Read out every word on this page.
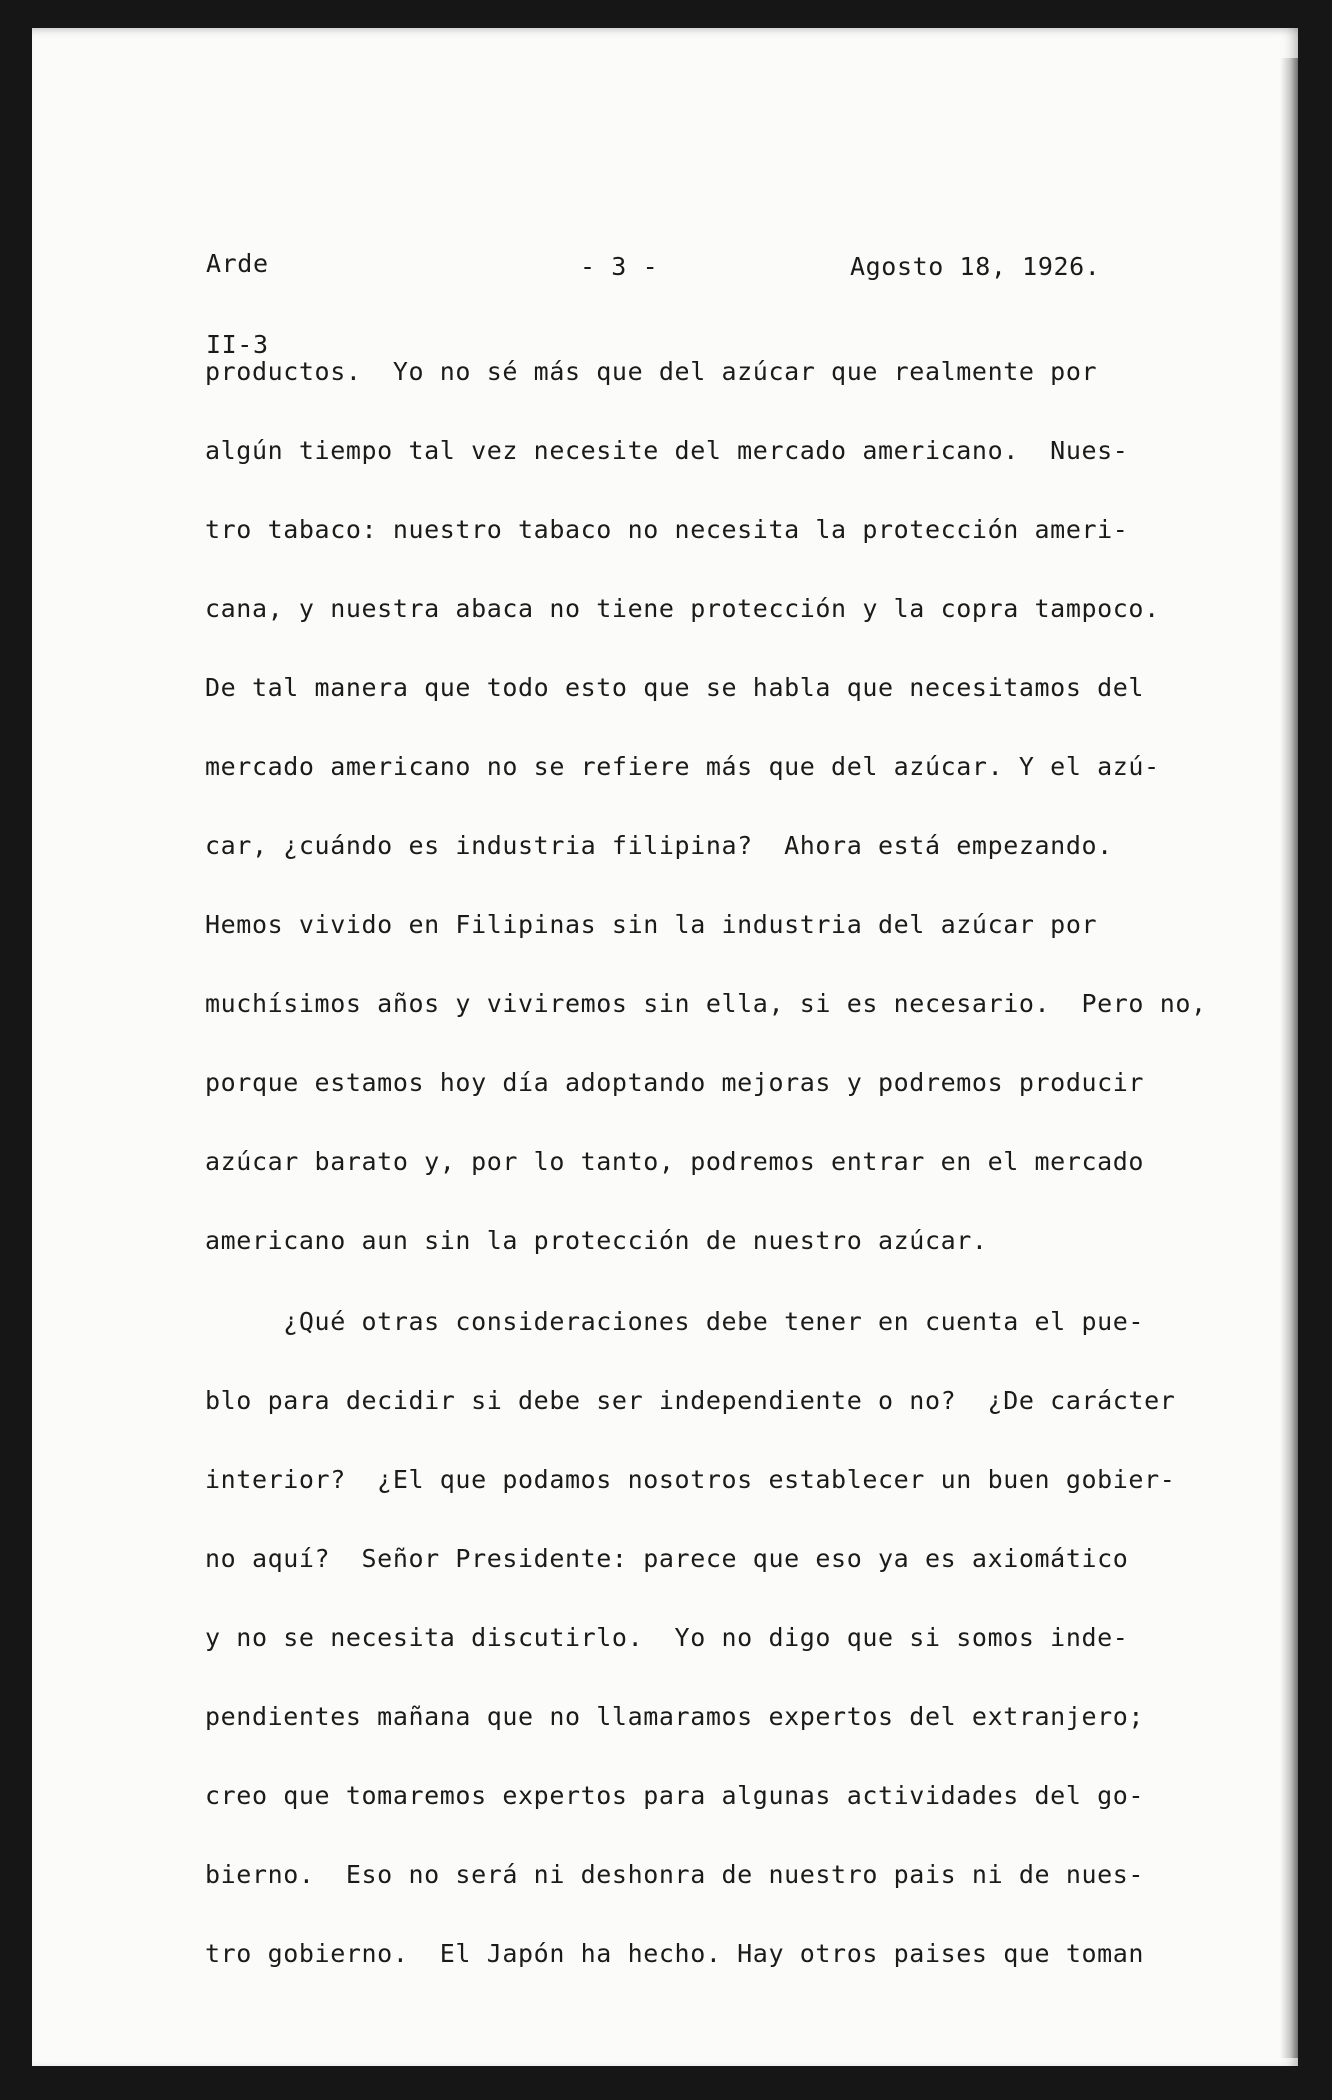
Arde

II-3

- 3 -	Agosto 18, 1926.
productos.  Yo no sé más que del azúcar que realmente por
algún tiempo tal vez necesite del mercado americano.  Nues-
tro tabaco: nuestro tabaco no necesita la protección ameri-
cana, y nuestra abaca no tiene protección y la copra tampoco.
De tal manera que todo esto que se habla que necesitamos del
mercado americano no se refiere más que del azúcar. Y el azú-
car, ¿cuándo es industria filipina?  Ahora está empezando.
Hemos vivido en Filipinas sin la industria del azúcar por
muchísimos años y viviremos sin ella, si es necesario.  Pero no,
porque estamos hoy día adoptando mejoras y podremos producir
azúcar barato y, por lo tanto, podremos entrar en el mercado
americano aun sin la protección de nuestro azúcar.
¿Qué otras consideraciones debe tener en cuenta el pue-
blo para decidir si debe ser independiente o no?  ¿De carácter
interior?  ¿El que podamos nosotros establecer un buen gobier-
no aquí?  Señor Presidente: parece que eso ya es axiomático
y no se necesita discutirlo.  Yo no digo que si somos inde-
pendientes mañana que no llamaramos expertos del extranjero;
creo que tomaremos expertos para algunas actividades del go-
bierno.  Eso no será ni deshonra de nuestro pais ni de nues-
tro gobierno.  El Japón ha hecho. Hay otros paises que toman
